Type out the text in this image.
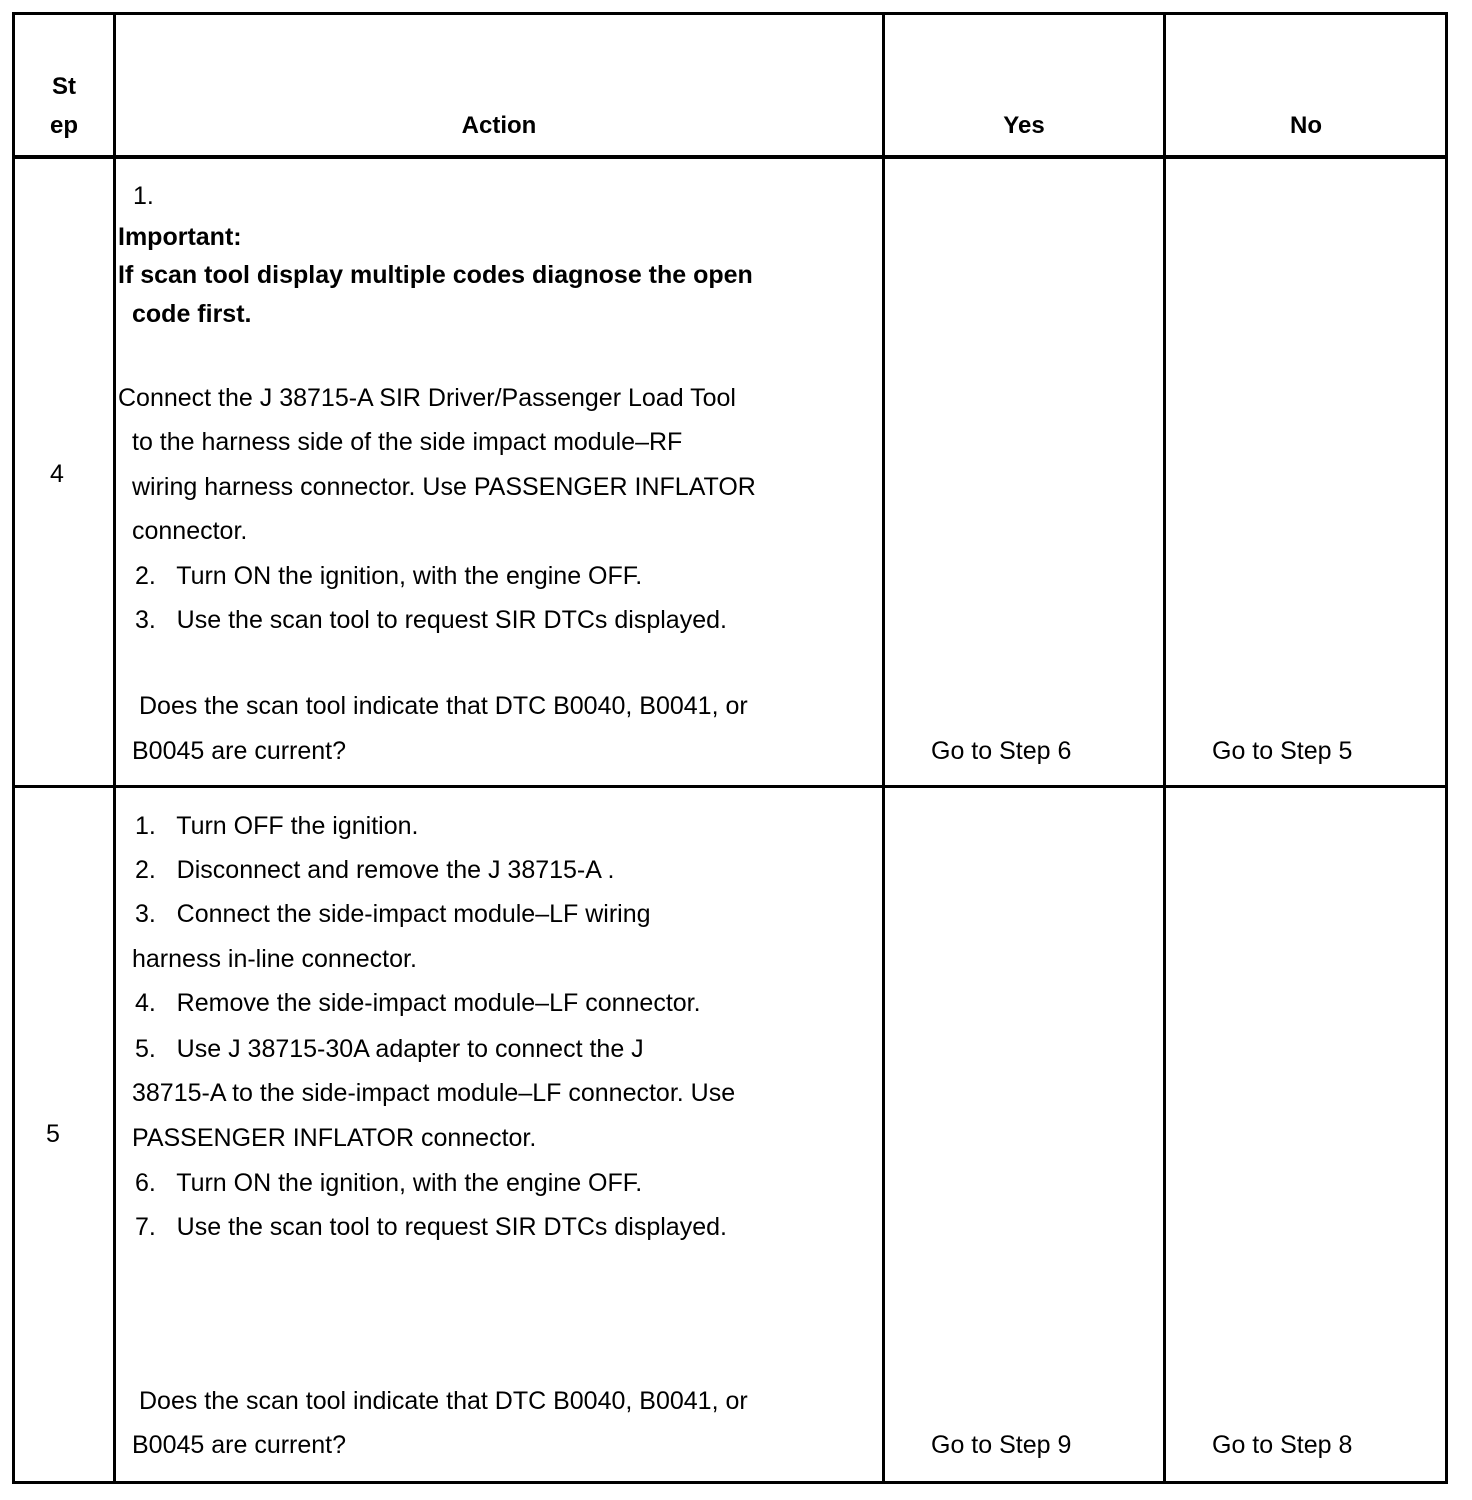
St
ep	Action	Yes	No
4
1.
Important:
If scan tool display multiple codes diagnose the open
code first.
Connect the J 38715-A SIR Driver/Passenger Load Tool
to the harness side of the side impact module–RF
wiring harness connector. Use PASSENGER INFLATOR
connector.
2.   Turn ON the ignition, with the engine OFF.
3.   Use the scan tool to request SIR DTCs displayed.
Does the scan tool indicate that DTC B0040, B0041, or
B0045 are current?	Go to Step 6	Go to Step 5
5
1.   Turn OFF the ignition.
2.   Disconnect and remove the J 38715-A .
3.   Connect the side-impact module–LF wiring
harness in-line connector.
4.   Remove the side-impact module–LF connector.
5.   Use J 38715-30A adapter to connect the J
38715-A to the side-impact module–LF connector. Use
PASSENGER INFLATOR connector.
6.   Turn ON the ignition, with the engine OFF.
7.   Use the scan tool to request SIR DTCs displayed.
Does the scan tool indicate that DTC B0040, B0041, or
B0045 are current?	Go to Step 9	Go to Step 8
